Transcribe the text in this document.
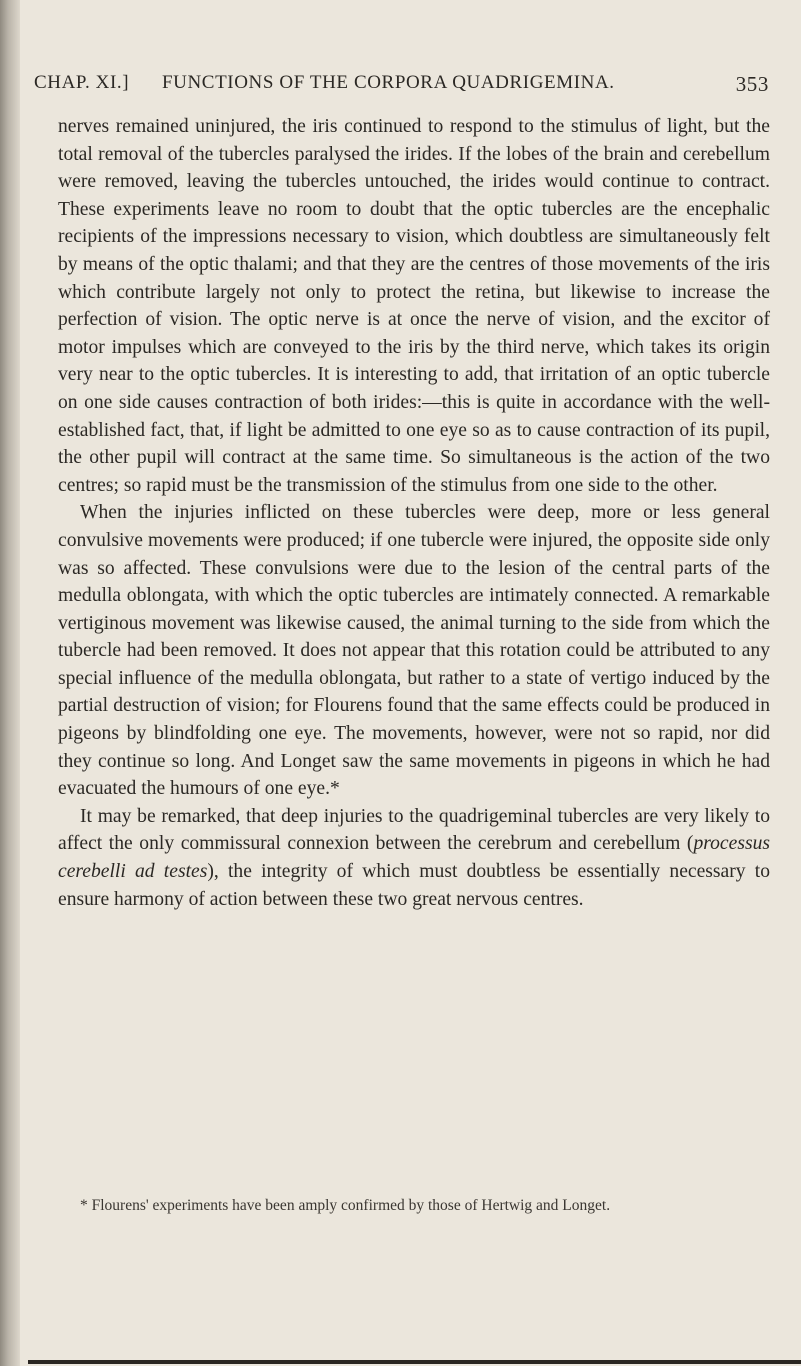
CHAP. XI.] FUNCTIONS OF THE CORPORA QUADRIGEMINA.	353

nerves remained uninjured, the iris continued to respond to the stimulus of light, but the total removal of the tubercles paralysed the irides. If the lobes of the brain and cerebellum were removed, leaving the tubercles untouched, the irides would continue to contract. These experiments leave no room to doubt that the optic tubercles are the encephalic recipients of the impressions necessary to vision, which doubtless are simultaneously felt by means of the optic thalami; and that they are the centres of those movements of the iris which contribute largely not only to protect the retina, but likewise to increase the perfection of vision. The optic nerve is at once the nerve of vision, and the excitor of motor impulses which are conveyed to the iris by the third nerve, which takes its origin very near to the optic tubercles. It is interesting to add, that irritation of an optic tubercle on one side causes contraction of both irides:—this is quite in accordance with the well-established fact, that, if light be admitted to one eye so as to cause contraction of its pupil, the other pupil will contract at the same time. So simultaneous is the action of the two centres; so rapid must be the transmission of the stimulus from one side to the other.

When the injuries inflicted on these tubercles were deep, more or less general convulsive movements were produced; if one tubercle were injured, the opposite side only was so affected. These convulsions were due to the lesion of the central parts of the medulla oblongata, with which the optic tubercles are intimately connected. A remarkable vertiginous movement was likewise caused, the animal turning to the side from which the tubercle had been removed. It does not appear that this rotation could be attributed to any special influence of the medulla oblongata, but rather to a state of vertigo induced by the partial destruction of vision; for Flourens found that the same effects could be produced in pigeons by blindfolding one eye. The movements, however, were not so rapid, nor did they continue so long. And Longet saw the same movements in pigeons in which he had evacuated the humours of one eye.*

It may be remarked, that deep injuries to the quadrigeminal tubercles are very likely to affect the only commissural connexion between the cerebrum and cerebellum (processus cerebelli ad testes), the integrity of which must doubtless be essentially necessary to ensure harmony of action between these two great nervous centres.

* Flourens' experiments have been amply confirmed by those of Hertwig and Longet.
